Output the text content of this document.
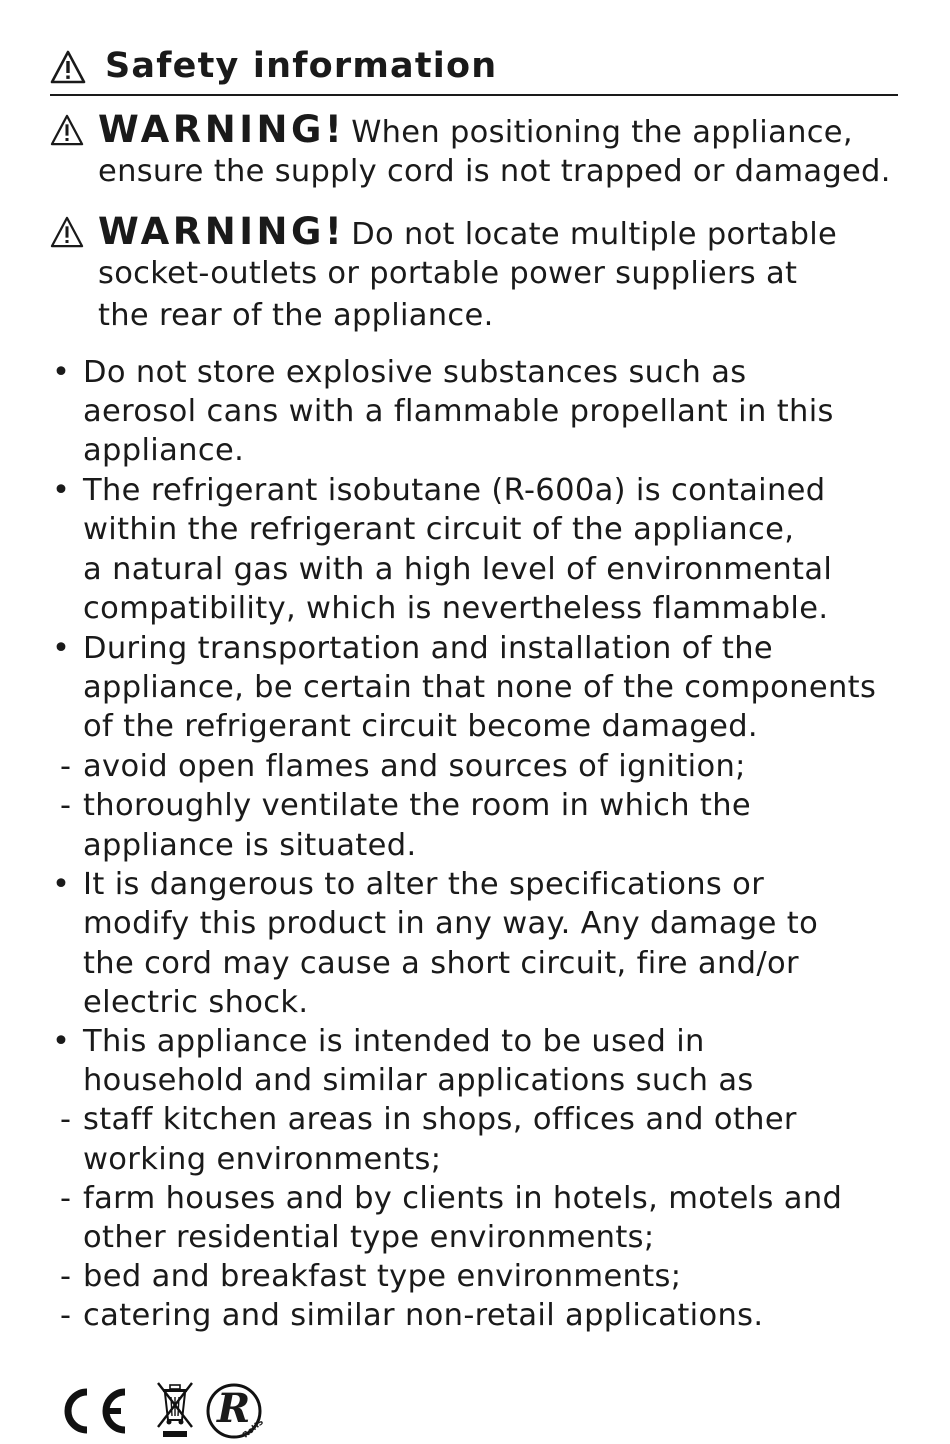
Safety information
WARNING! When positioning the appliance,
ensure the supply cord is not trapped or damaged.
WARNING! Do not locate multiple portable
socket-outlets or portable power suppliers at
the rear of the appliance.
•
•
•
-
-
•
•
-
-
-
-
Do not store explosive substances such as
aerosol cans with a flammable propellant in this
appliance.
The refrigerant isobutane (R-600a) is contained
within the refrigerant circuit of the appliance,
a natural gas with a high level of environmental
compatibility, which is nevertheless flammable.
During transportation and installation of the
appliance, be certain that none of the components
of the refrigerant circuit become damaged.
avoid open flames and sources of ignition;
thoroughly ventilate the room in which the
appliance is situated.
It is dangerous to alter the specifications or
modify this product in any way. Any damage to
the cord may cause a short circuit, fire and/or
electric shock.
This appliance is intended to be used in
household and similar applications such as
staff kitchen areas in shops, offices and other
working environments;
farm houses and by clients in hotels, motels and
other residential type environments;
bed and breakfast type environments;
catering and similar non-retail applications.
R
RoHS
